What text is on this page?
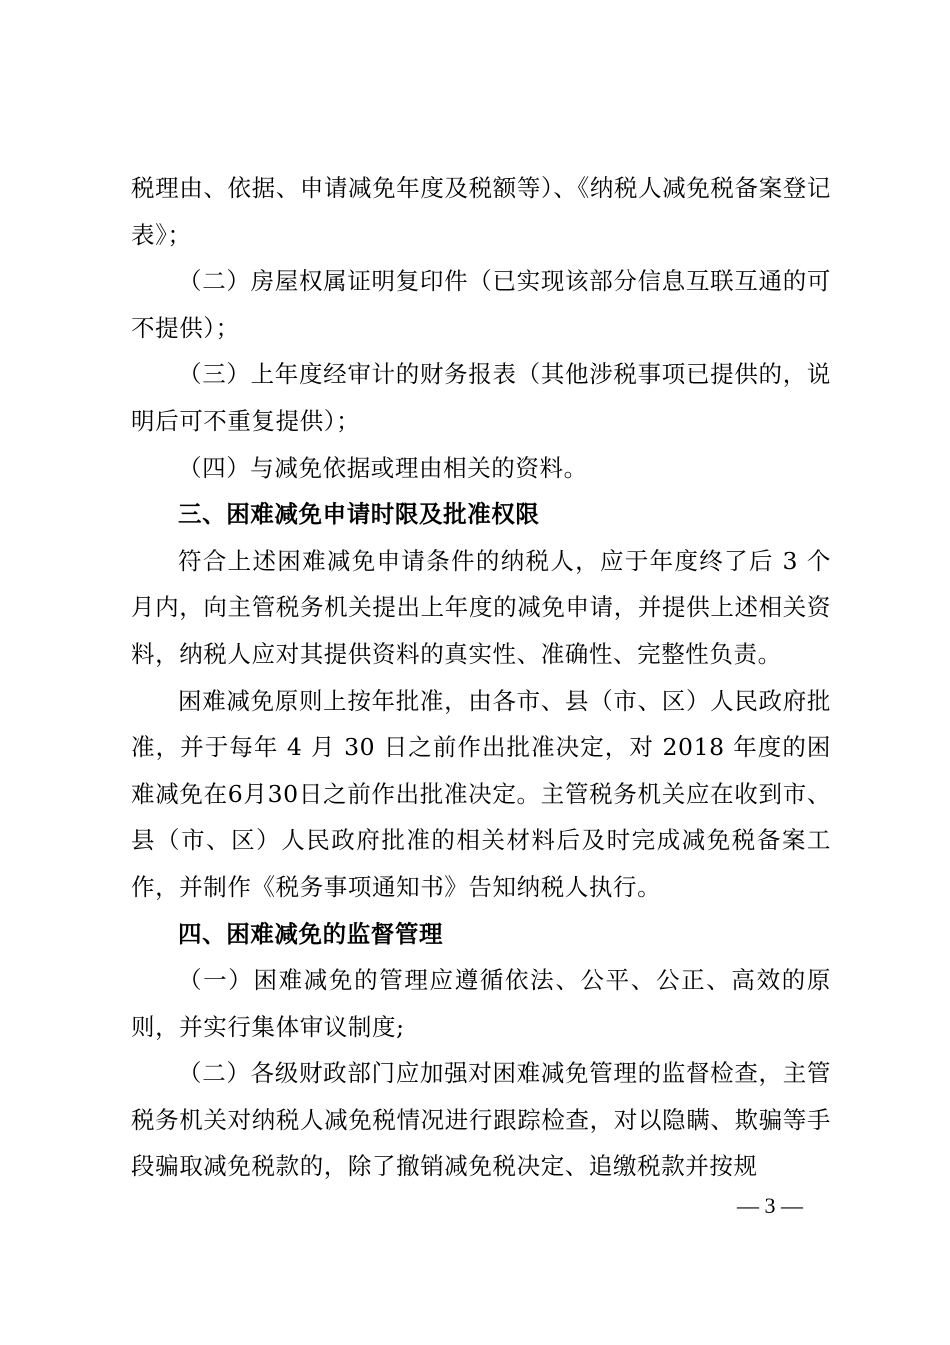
税理由、依据、申请减免年度及税额等）、《纳税人减免税备案登记表》；

（二）房屋权属证明复印件（已实现该部分信息互联互通的可不提供）；

（三）上年度经审计的财务报表（其他涉税事项已提供的，说明后可不重复提供）；

（四）与减免依据或理由相关的资料。

三、困难减免申请时限及批准权限

符合上述困难减免申请条件的纳税人，应于年度终了后 3 个月内，向主管税务机关提出上年度的减免申请，并提供上述相关资料，纳税人应对其提供资料的真实性、准确性、完整性负责。

困难减免原则上按年批准，由各市、县（市、区）人民政府批准，并于每年 4 月 30 日之前作出批准决定，对 2018 年度的困难减免在6月30日之前作出批准决定。主管税务机关应在收到市、县（市、区）人民政府批准的相关材料后及时完成减免税备案工作，并制作《税务事项通知书》告知纳税人执行。

四、困难减免的监督管理

（一）困难减免的管理应遵循依法、公平、公正、高效的原则，并实行集体审议制度;

（二）各级财政部门应加强对困难减免管理的监督检查，主管税务机关对纳税人减免税情况进行跟踪检查，对以隐瞒、欺骗等手段骗取减免税款的，除了撤销减免税决定、追缴税款并按规

— 3 —
